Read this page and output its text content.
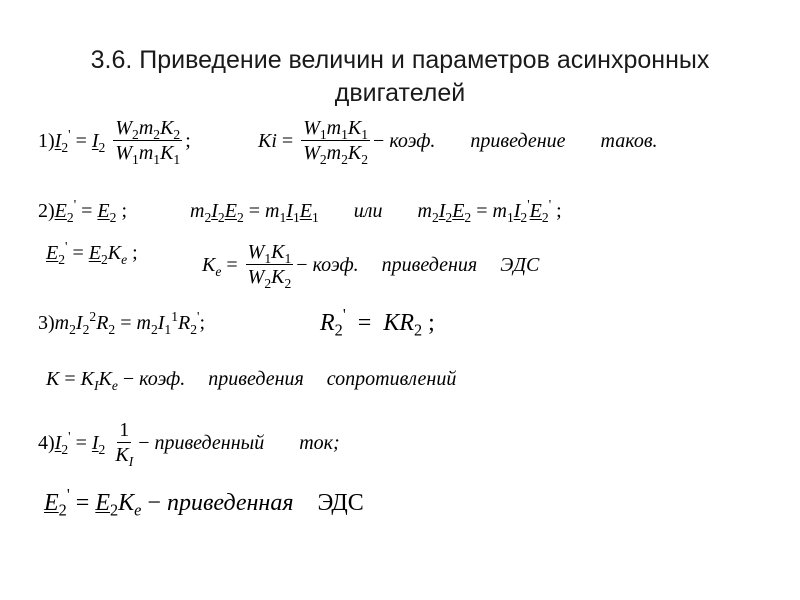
3.6. Приведение величин и параметров асинхронных
двигателей
$1)I_2' = I_2 \frac{W_2m_2K_2}{W_1m_1K_1}$ ;	$Ki = \frac{W_1m_1K_1}{W_2m_2K_2}$ − коэф. приведение таков.
$2)E_2' = E_2$ ;	$m_2I_2E_2 = m_1I_1E_1$ или $m_2I_2E_2 = m_1I_2'E_2'$ ;
$E_2' = E_2K_e$ ;
$K_e = \frac{W_1K_1}{W_2K_2}$ − коэф. приведения ЭДС
$3)m_2I_2^2R_2 = m_2I_1^1R_2'$;	$R_2' = KR_2$ ;
$K = K_IK_e$ − коэф. приведения сопротивлений
$4)I_2' = I_2 \frac{1}{K_I}$ − приведенный ток;
$E_2' = E_2K_e$ − приведенная ЭДС
